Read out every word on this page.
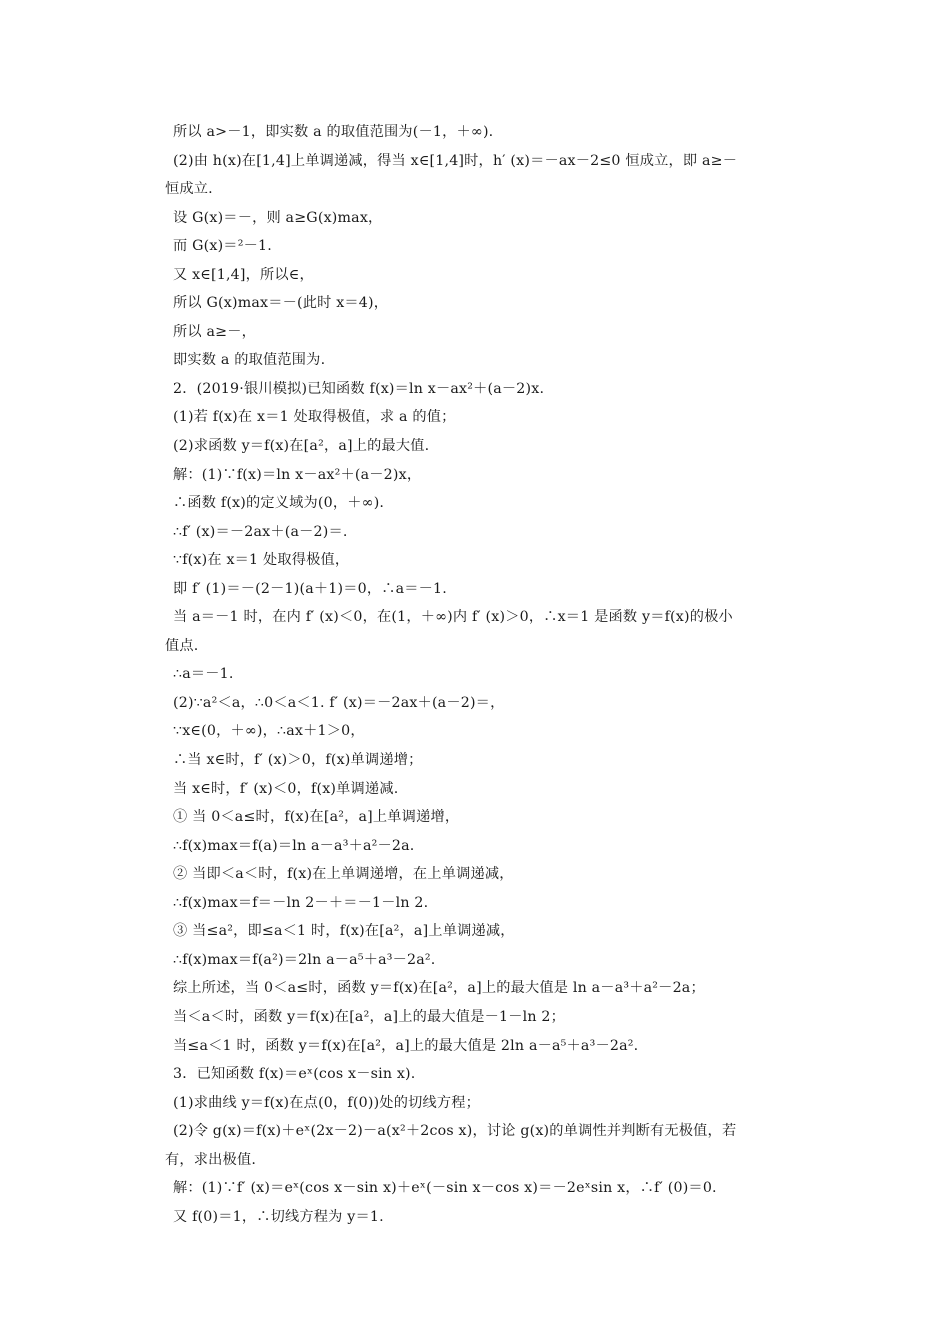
所以 a>－1，即实数 a 的取值范围为(－1，＋∞).
(2)由 h(x)在[1,4]上单调递减，得当 x∈[1,4]时，h′ (x)＝－ax－2≤0 恒成立，即 a≥－
恒成立.
设 G(x)＝－，则 a≥G(x)max，
而 G(x)＝²－1.
又 x∈[1,4]，所以∈，
所以 G(x)max＝－(此时 x＝4)，
所以 a≥－，
即实数 a 的取值范围为.
2．(2019·银川模拟)已知函数 f(x)＝ln x－ax²＋(a－2)x.
(1)若 f(x)在 x＝1 处取得极值，求 a 的值；
(2)求函数 y＝f(x)在[a²，a]上的最大值.
解：(1)∵f(x)＝ln x－ax²＋(a－2)x，
∴函数 f(x)的定义域为(0，＋∞).
∴f′ (x)＝－2ax＋(a－2)＝.
∵f(x)在 x＝1 处取得极值，
即 f′ (1)＝－(2－1)(a＋1)＝0，∴a＝－1.
当 a＝－1 时，在内 f′ (x)＜0，在(1，＋∞)内 f′ (x)＞0，∴x＝1 是函数 y＝f(x)的极小
值点.
∴a＝－1.
(2)∵a²＜a，∴0＜a＜1. f′ (x)＝－2ax＋(a－2)＝，
∵x∈(0，＋∞)，∴ax＋1＞0，
∴当 x∈时，f′ (x)＞0，f(x)单调递增；
当 x∈时，f′ (x)＜0，f(x)单调递减.
① 当 0＜a≤时，f(x)在[a²，a]上单调递增，
∴f(x)max＝f(a)＝ln a－a³＋a²－2a.
② 当即＜a＜时，f(x)在上单调递增，在上单调递减，
∴f(x)max＝f＝－ln 2－＋＝－1－ln 2.
③ 当≤a²，即≤a＜1 时，f(x)在[a²，a]上单调递减，
∴f(x)max＝f(a²)＝2ln a－a⁵＋a³－2a².
综上所述，当 0＜a≤时，函数 y＝f(x)在[a²，a]上的最大值是 ln a－a³＋a²－2a；
当＜a＜时，函数 y＝f(x)在[a²，a]上的最大值是－1－ln 2；
当≤a＜1 时，函数 y＝f(x)在[a²，a]上的最大值是 2ln a－a⁵＋a³－2a².
3．已知函数 f(x)＝eˣ(cos x－sin x).
(1)求曲线 y＝f(x)在点(0，f(0))处的切线方程；
(2)令 g(x)＝f(x)＋eˣ(2x－2)－a(x²＋2cos x)，讨论 g(x)的单调性并判断有无极值，若
有，求出极值.
解：(1)∵f′ (x)＝eˣ(cos x－sin x)＋eˣ(－sin x－cos x)＝－2eˣsin x，∴f′ (0)＝0.
又 f(0)＝1，∴切线方程为 y＝1.
